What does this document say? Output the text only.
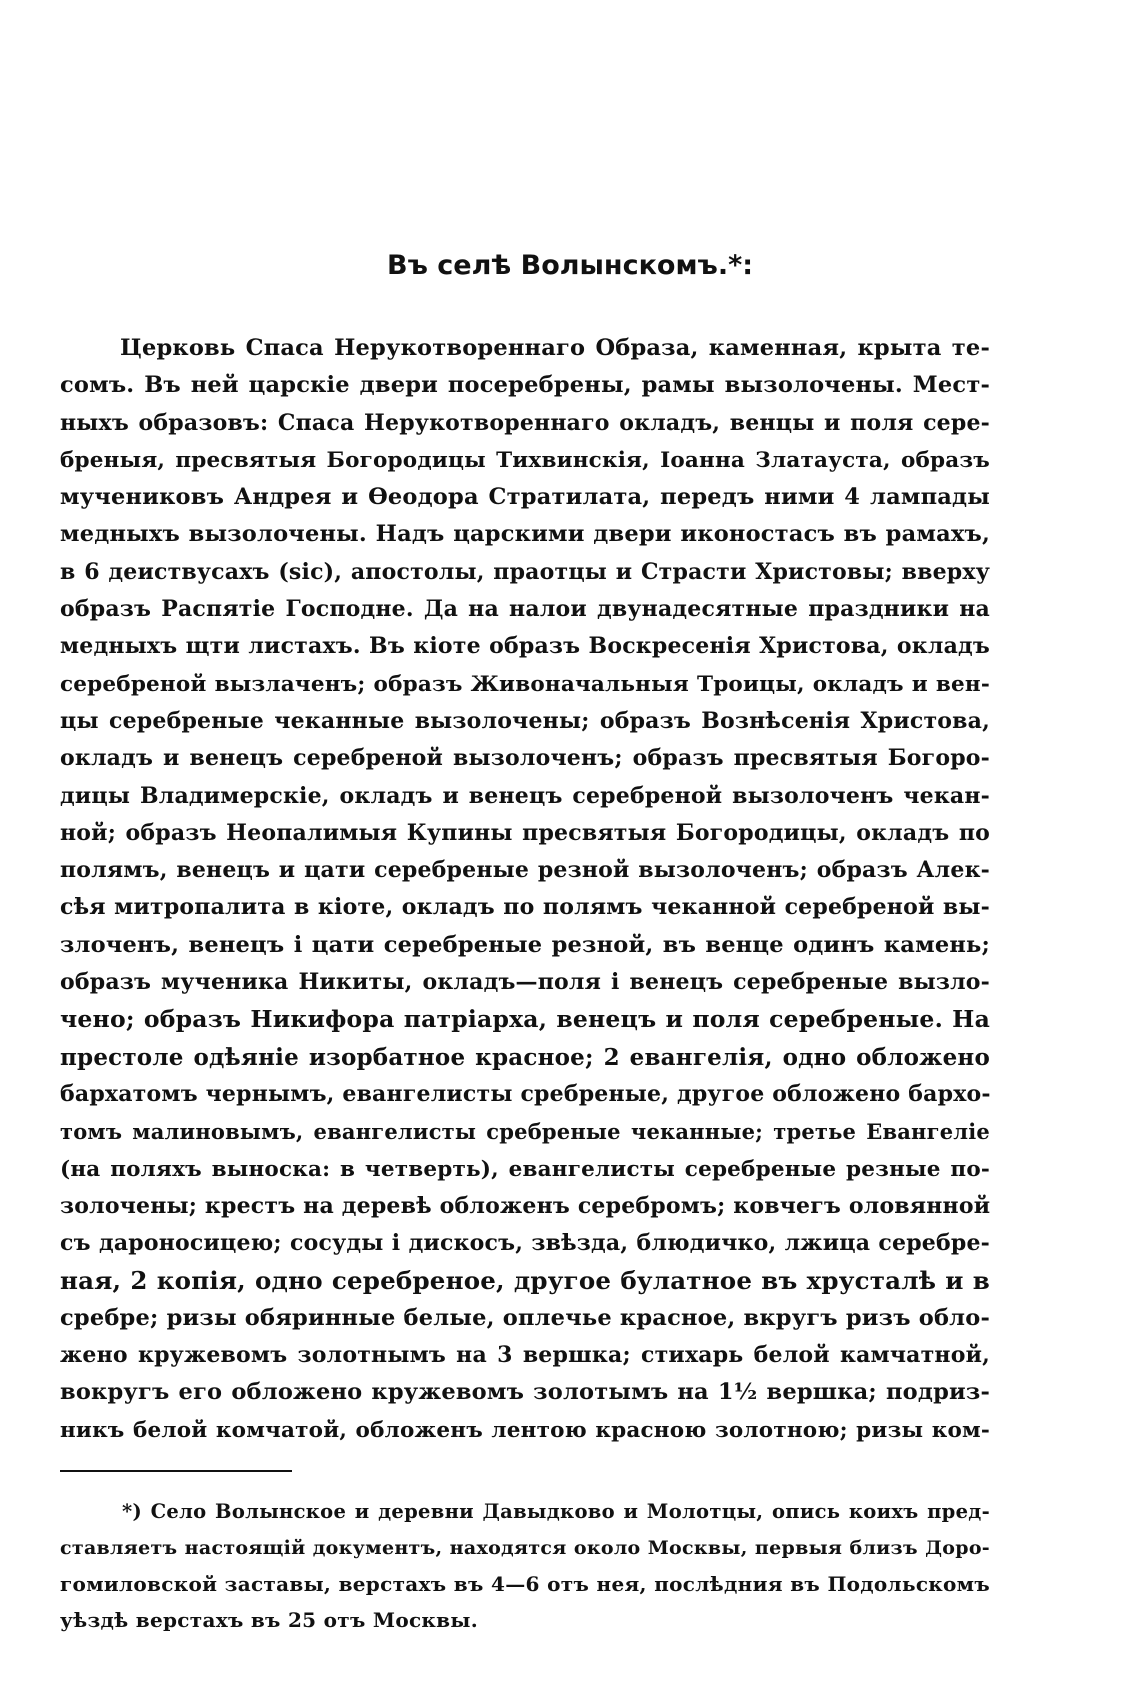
Въ селѣ Волынскомъ.*:
Церковь Спаса Нерукотвореннаго Образа, каменная, крыта те-
сомъ. Въ ней царскіе двери посеребрены, рамы вызолочены. Мест-
ныхъ образовъ: Спаса Нерукотвореннаго окладъ, венцы и поля сере-
бреныя, пресвятыя Богородицы Тихвинскія, Іоанна Златауста, образъ
мучениковъ Андрея и Ѳеодора Стратилата, передъ ними 4 лампады
медныхъ вызолочены. Надъ царскими двери иконостасъ въ рамахъ,
в 6 деиствусахъ (sic), апостолы, праотцы и Страсти Христовы; вверху
образъ Распятіе Господне. Да на налои двунадесятные праздники на
медныхъ щти листахъ. Въ кіоте образъ Воскресенія Христова, окладъ
серебреной вызлаченъ; образъ Живоначальныя Троицы, окладъ и вен-
цы серебреные чеканные вызолочены; образъ Вознѣсенія Христова,
окладъ и венецъ серебреной вызолоченъ; образъ пресвятыя Богоро-
дицы Владимерскіе, окладъ и венецъ серебреной вызолоченъ чекан-
ной; образъ Неопалимыя Купины пресвятыя Богородицы, окладъ по
полямъ, венецъ и цати серебреные резной вызолоченъ; образъ Алек-
сѣя митропалита в кіоте, окладъ по полямъ чеканной серебреной вы-
злоченъ, венецъ і цати серебреные резной, въ венце одинъ камень;
образъ мученика Никиты, окладъ—поля і венецъ серебреные вызло-
чено; образъ Никифора патріарха, венецъ и поля серебреные. На
престоле одѣяніе изорбатное красное; 2 евангелія, одно обложено
бархатомъ чернымъ, евангелисты сребреные, другое обложено бархо-
томъ малиновымъ, евангелисты сребреные чеканные; третье Евангеліе
(на поляхъ выноска: в четверть), евангелисты серебреные резные по-
золочены; крестъ на деревѣ обложенъ серебромъ; ковчегъ оловянной
съ дароносицею; сосуды і дискосъ, звѣзда, блюдичко, лжица серебре-
ная, 2 копія, одно серебреное, другое булатное въ хрусталѣ и в
сребре; ризы обяринные белые, оплечье красное, вкругъ ризъ обло-
жено кружевомъ золотнымъ на 3 вершка; стихарь белой камчатной,
вокругъ его обложено кружевомъ золотымъ на 1½ вершка; подриз-
никъ белой комчатой, обложенъ лентою красною золотною; ризы ком-
*) Село Волынское и деревни Давыдково и Молотцы, опись коихъ пред-
ставляетъ настоящій документъ, находятся около Москвы, первыя близъ Доро-
гомиловской заставы, верстахъ въ 4—6 отъ нея, послѣдния въ Подольскомъ
уѣздѣ верстахъ въ 25 отъ Москвы.
